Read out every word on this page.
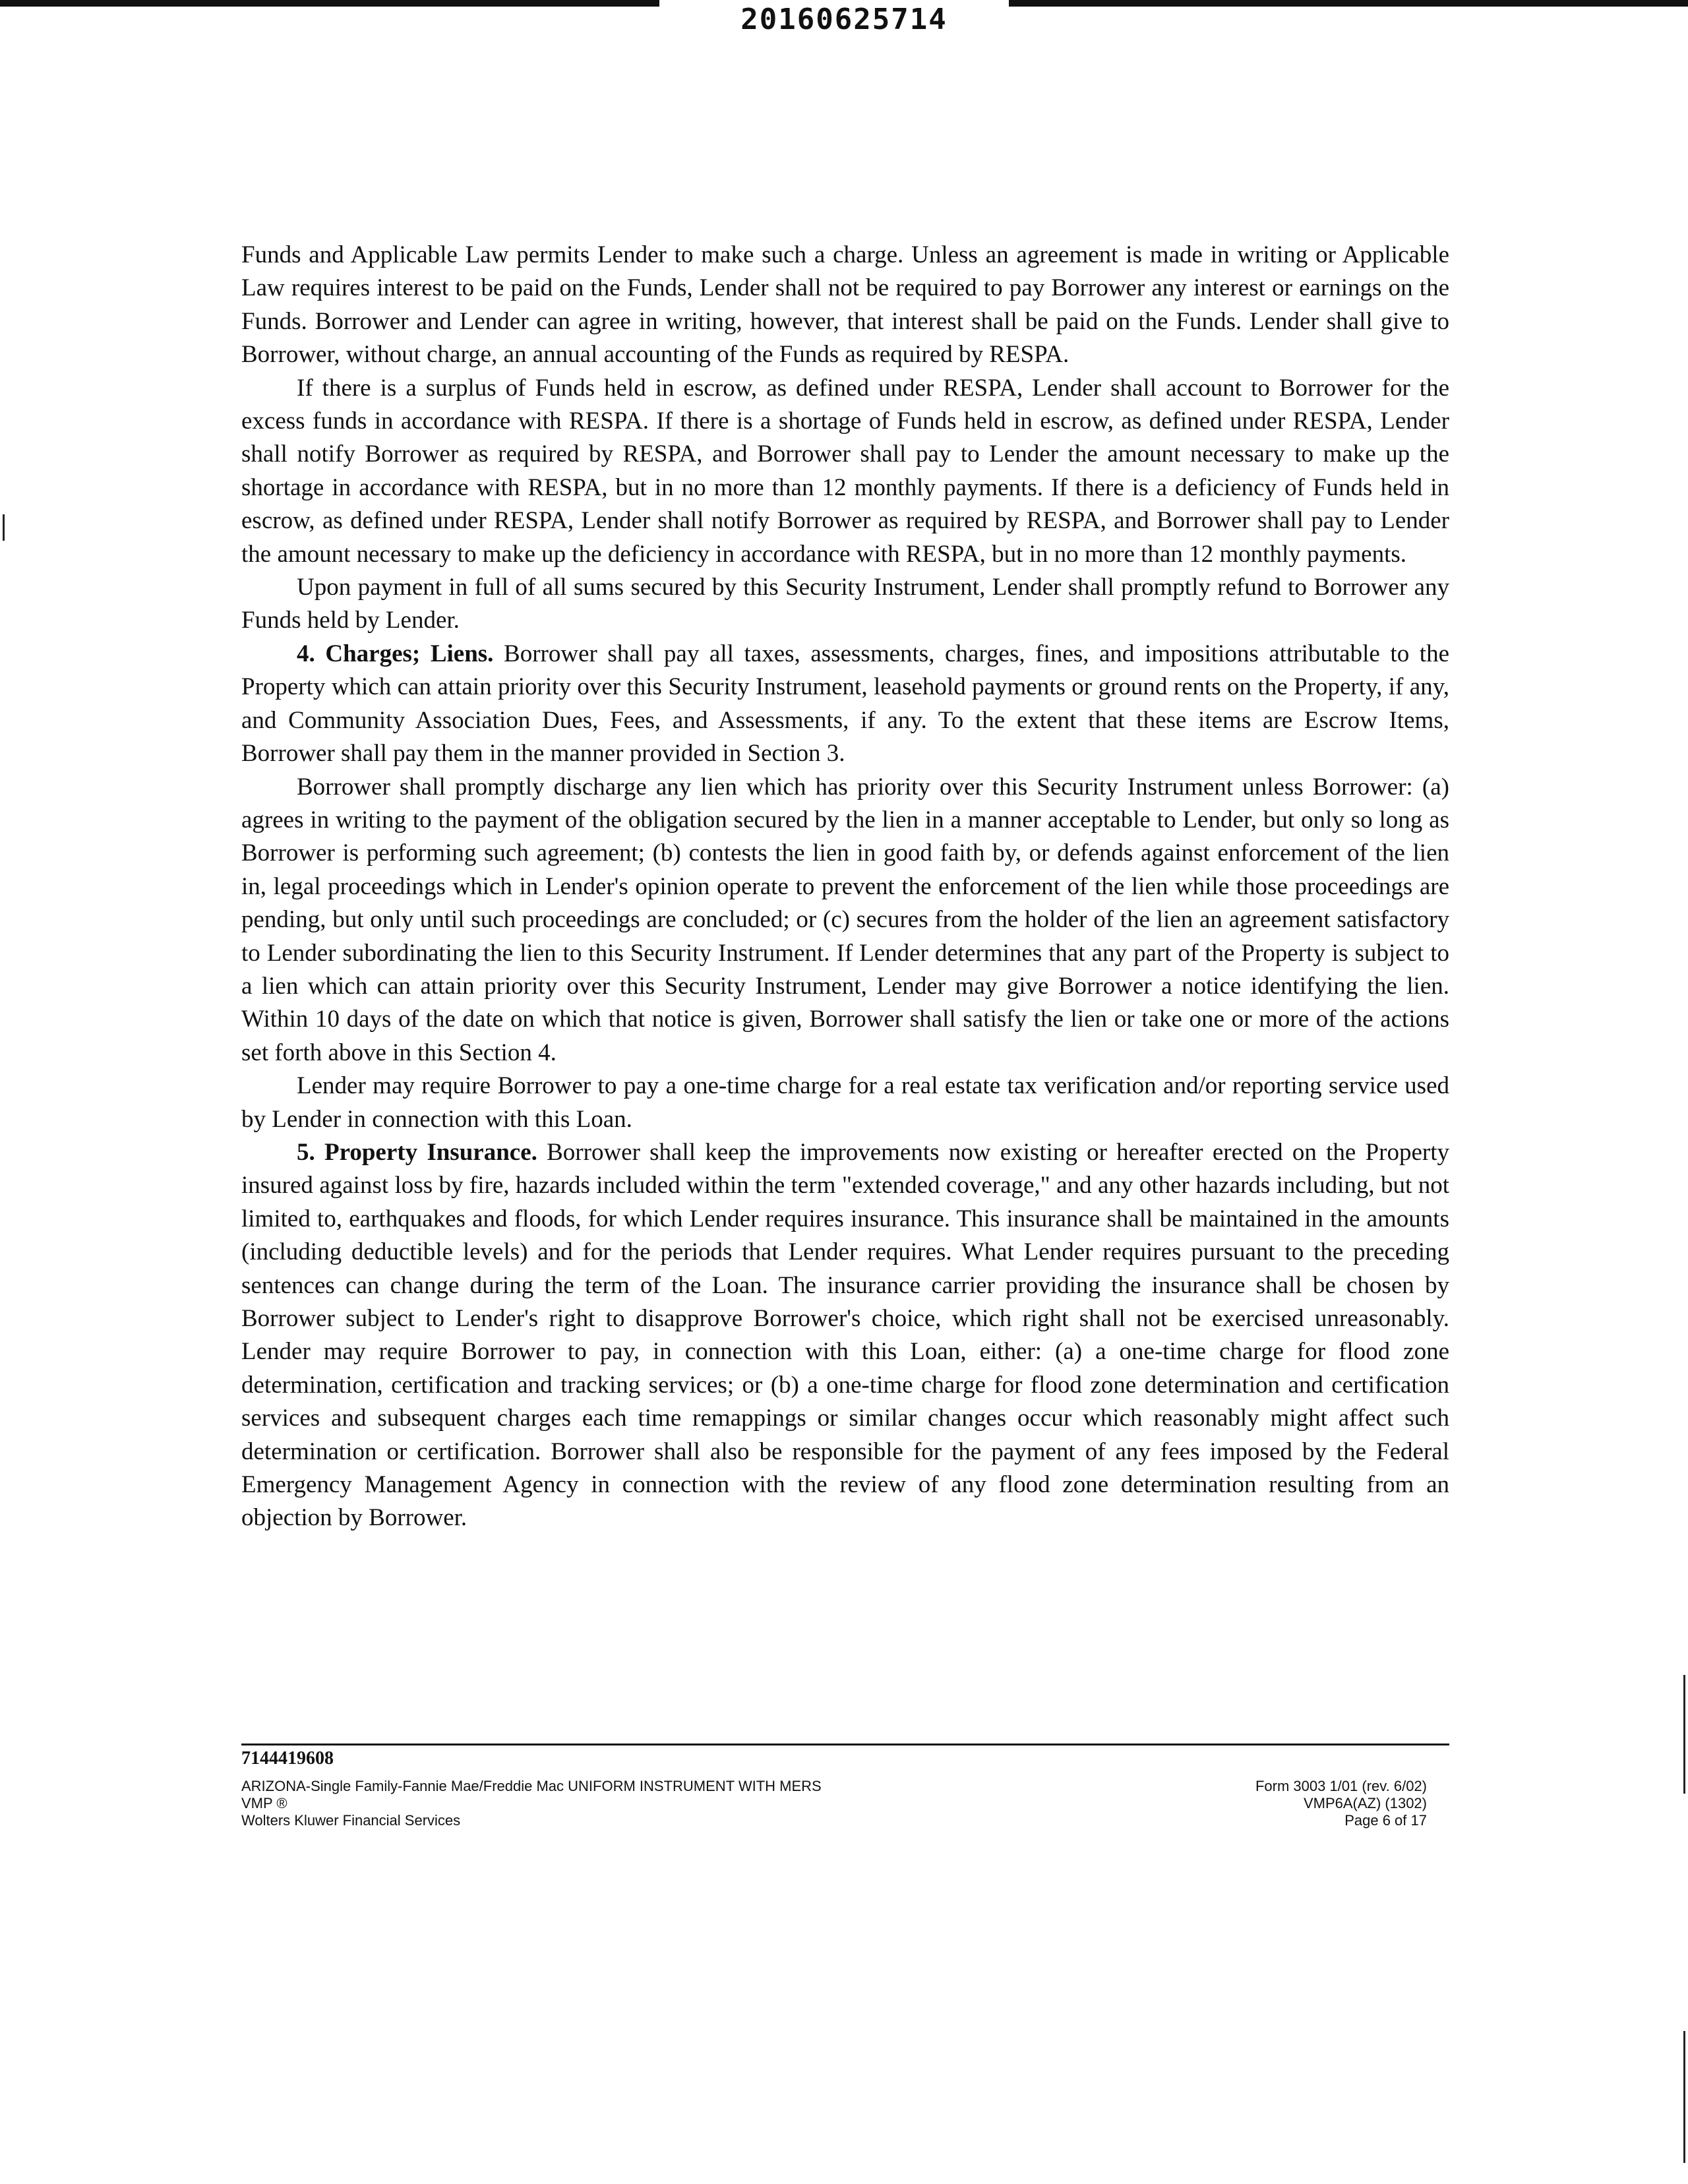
20160625714

Funds and Applicable Law permits Lender to make such a charge. Unless an agreement is made in writing or Applicable Law requires interest to be paid on the Funds, Lender shall not be required to pay Borrower any interest or earnings on the Funds. Borrower and Lender can agree in writing, however, that interest shall be paid on the Funds. Lender shall give to Borrower, without charge, an annual accounting of the Funds as required by RESPA.

If there is a surplus of Funds held in escrow, as defined under RESPA, Lender shall account to Borrower for the excess funds in accordance with RESPA. If there is a shortage of Funds held in escrow, as defined under RESPA, Lender shall notify Borrower as required by RESPA, and Borrower shall pay to Lender the amount necessary to make up the shortage in accordance with RESPA, but in no more than 12 monthly payments. If there is a deficiency of Funds held in escrow, as defined under RESPA, Lender shall notify Borrower as required by RESPA, and Borrower shall pay to Lender the amount necessary to make up the deficiency in accordance with RESPA, but in no more than 12 monthly payments.

Upon payment in full of all sums secured by this Security Instrument, Lender shall promptly refund to Borrower any Funds held by Lender.

4. Charges; Liens. Borrower shall pay all taxes, assessments, charges, fines, and impositions attributable to the Property which can attain priority over this Security Instrument, leasehold payments or ground rents on the Property, if any, and Community Association Dues, Fees, and Assessments, if any. To the extent that these items are Escrow Items, Borrower shall pay them in the manner provided in Section 3.

Borrower shall promptly discharge any lien which has priority over this Security Instrument unless Borrower: (a) agrees in writing to the payment of the obligation secured by the lien in a manner acceptable to Lender, but only so long as Borrower is performing such agreement; (b) contests the lien in good faith by, or defends against enforcement of the lien in, legal proceedings which in Lender's opinion operate to prevent the enforcement of the lien while those proceedings are pending, but only until such proceedings are concluded; or (c) secures from the holder of the lien an agreement satisfactory to Lender subordinating the lien to this Security Instrument. If Lender determines that any part of the Property is subject to a lien which can attain priority over this Security Instrument, Lender may give Borrower a notice identifying the lien. Within 10 days of the date on which that notice is given, Borrower shall satisfy the lien or take one or more of the actions set forth above in this Section 4.

Lender may require Borrower to pay a one-time charge for a real estate tax verification and/or reporting service used by Lender in connection with this Loan.

5. Property Insurance. Borrower shall keep the improvements now existing or hereafter erected on the Property insured against loss by fire, hazards included within the term "extended coverage," and any other hazards including, but not limited to, earthquakes and floods, for which Lender requires insurance. This insurance shall be maintained in the amounts (including deductible levels) and for the periods that Lender requires. What Lender requires pursuant to the preceding sentences can change during the term of the Loan. The insurance carrier providing the insurance shall be chosen by Borrower subject to Lender's right to disapprove Borrower's choice, which right shall not be exercised unreasonably. Lender may require Borrower to pay, in connection with this Loan, either: (a) a one-time charge for flood zone determination, certification and tracking services; or (b) a one-time charge for flood zone determination and certification services and subsequent charges each time remappings or similar changes occur which reasonably might affect such determination or certification. Borrower shall also be responsible for the payment of any fees imposed by the Federal Emergency Management Agency in connection with the review of any flood zone determination resulting from an objection by Borrower.

7144419608
ARIZONA-Single Family-Fannie Mae/Freddie Mac UNIFORM INSTRUMENT WITH MERS
VMP ®
Wolters Kluwer Financial Services
Form 3003 1/01 (rev. 6/02)
VMP6A(AZ) (1302)
Page 6 of 17
